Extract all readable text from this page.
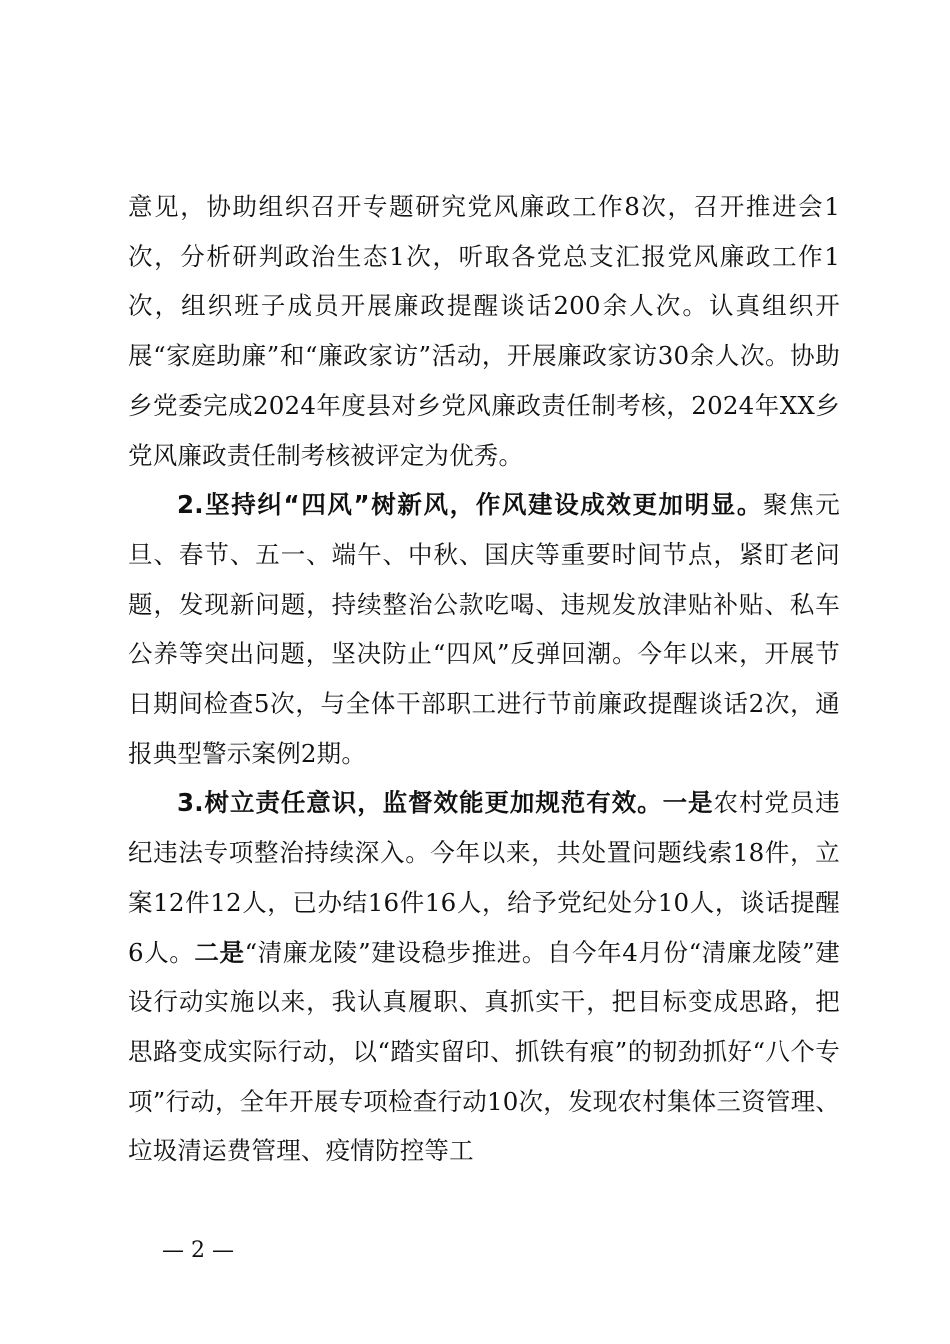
意见，协助组织召开专题研究党风廉政工作8次，召开推进会1次，分析研判政治生态1次，听取各党总支汇报党风廉政工作1次，组织班子成员开展廉政提醒谈话200余人次。认真组织开展“家庭助廉”和“廉政家访”活动，开展廉政家访30余人次。协助乡党委完成2024年度县对乡党风廉政责任制考核，2024年XX乡党风廉政责任制考核被评定为优秀。

2.坚持纠“四风”树新风，作风建设成效更加明显。聚焦元旦、春节、五一、端午、中秋、国庆等重要时间节点，紧盯老问题，发现新问题，持续整治公款吃喝、违规发放津贴补贴、私车公养等突出问题，坚决防止“四风”反弹回潮。今年以来，开展节日期间检查5次，与全体干部职工进行节前廉政提醒谈话2次，通报典型警示案例2期。

3.树立责任意识，监督效能更加规范有效。一是农村党员违纪违法专项整治持续深入。今年以来，共处置问题线索18件，立案12件12人，已办结16件16人，给予党纪处分10人，谈话提醒6人。二是“清廉龙陵”建设稳步推进。自今年4月份“清廉龙陵”建设行动实施以来，我认真履职、真抓实干，把目标变成思路，把思路变成实际行动，以“踏实留印、抓铁有痕”的韧劲抓好“八个专项”行动，全年开展专项检查行动10次，发现农村集体三资管理、垃圾清运费管理、疫情防控等工

— 2 —
